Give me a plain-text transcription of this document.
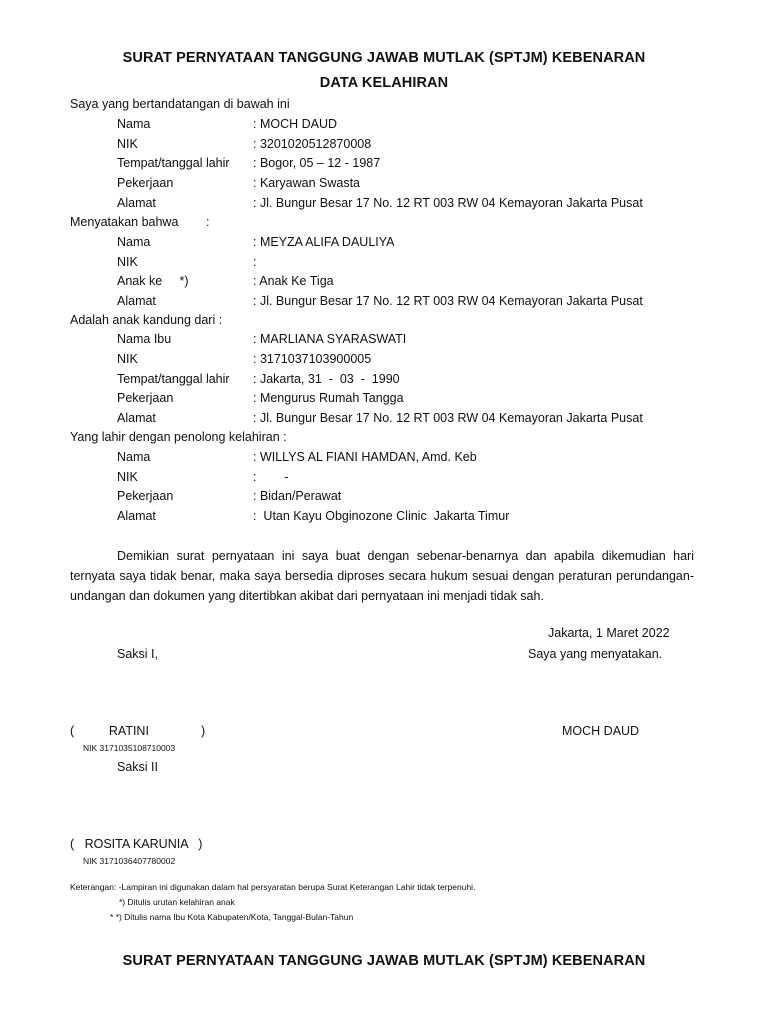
SURAT PERNYATAAN TANGGUNG JAWAB MUTLAK (SPTJM) KEBENARAN
DATA KELAHIRAN
Saya yang bertandatangan di bawah ini
Nama	: MOCH DAUD
NIK	: 3201020512870008
Tempat/tanggal lahir : Bogor, 05 – 12 - 1987
Pekerjaan	: Karyawan Swasta
Alamat	: Jl. Bungur Besar 17 No. 12 RT 003 RW 04 Kemayoran Jakarta Pusat
Menyatakan bahwa :
Nama	: MEYZA ALIFA DAULIYA
NIK	:
Anak ke     *)	: Anak Ke Tiga
Alamat	: Jl. Bungur Besar 17 No. 12 RT 003 RW 04 Kemayoran Jakarta Pusat
Adalah anak kandung dari :
Nama Ibu	: MARLIANA SYARASWATI
NIK	: 3171037103900005
Tempat/tanggal lahir : Jakarta, 31  -  03  -  1990
Pekerjaan	: Mengurus Rumah Tangga
Alamat	: Jl. Bungur Besar 17 No. 12 RT 003 RW 04 Kemayoran Jakarta Pusat
Yang lahir dengan penolong kelahiran :
Nama	: WILLYS AL FIANI HAMDAN, Amd. Keb
NIK	:        -
Pekerjaan	: Bidan/Perawat
Alamat	:  Utan Kayu Obginozone Clinic  Jakarta Timur
Demikian surat pernyataan ini saya buat dengan sebenar-benarnya dan apabila dikemudian hari ternyata saya tidak benar, maka saya bersedia diproses secara hukum sesuai dengan peraturan perundangan-undangan dan dokumen yang ditertibkan akibat dari pernyataan ini menjadi tidak sah.
Jakarta, 1 Maret 2022
Saksi I,	Saya yang menyatakan.
(          RATINI               )	MOCH DAUD
NIK 3171035108710003
Saksi II
(   ROSITA KARUNIA   )
NIK 3171036407780002
Keterangan: -Lampiran ini digunakan dalam hal persyaratan berupa Surat Keterangan Lahir tidak terpenuhi.
*) Ditulis urutan kelahiran anak
* *) Ditulis nama Ibu Kota Kabupaten/Kota, Tanggal-Bulan-Tahun
SURAT PERNYATAAN TANGGUNG JAWAB MUTLAK (SPTJM) KEBENARAN
